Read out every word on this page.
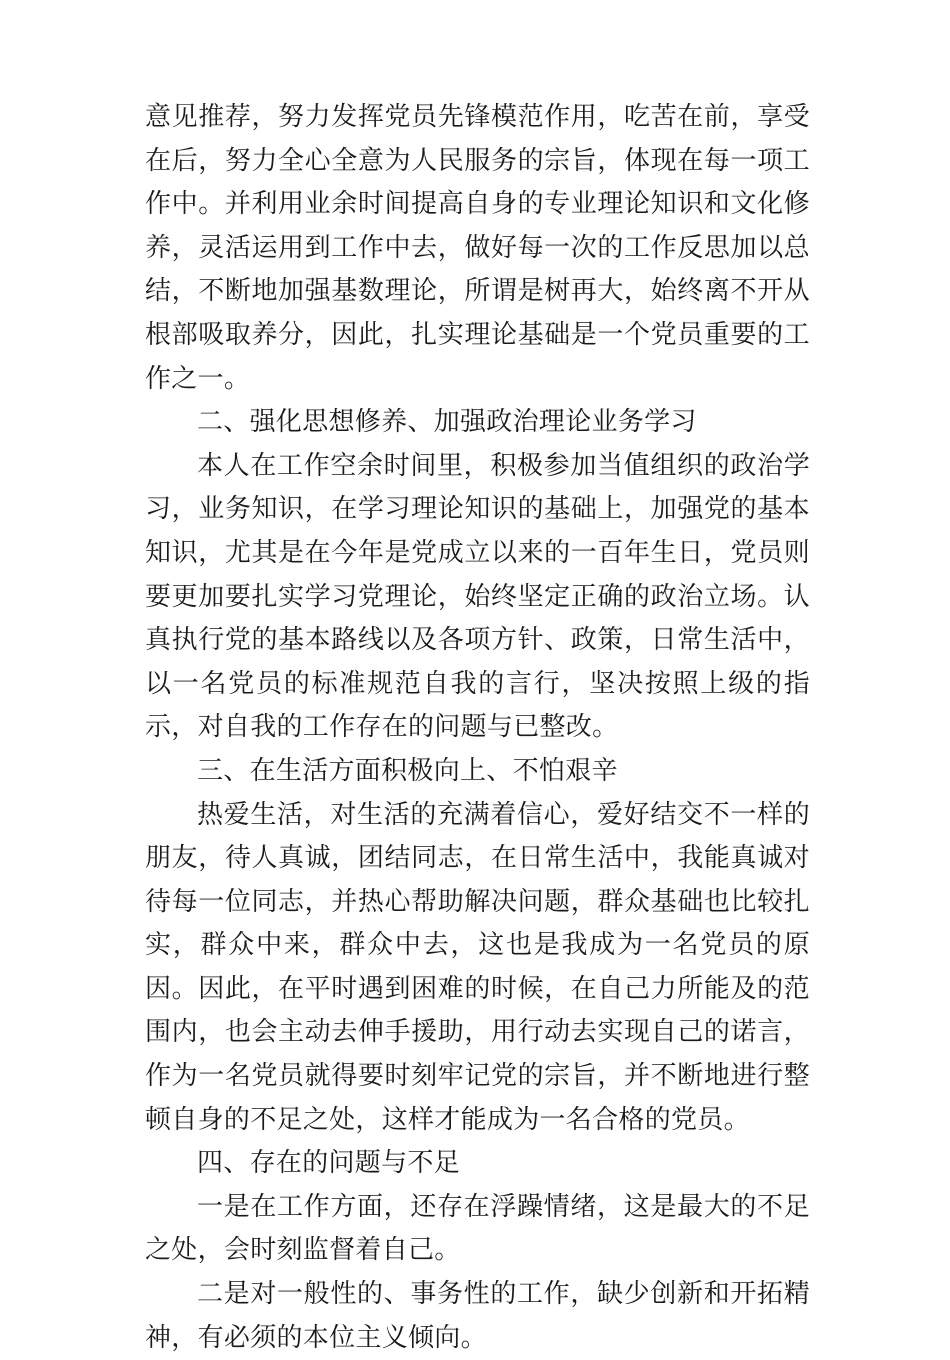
意见推荐，努力发挥党员先锋模范作用，吃苦在前，享受在后，努力全心全意为人民服务的宗旨，体现在每一项工作中。并利用业余时间提高自身的专业理论知识和文化修养，灵活运用到工作中去，做好每一次的工作反思加以总结，不断地加强基数理论，所谓是树再大，始终离不开从根部吸取养分，因此，扎实理论基础是一个党员重要的工作之一。

二、强化思想修养、加强政治理论业务学习

本人在工作空余时间里，积极参加当值组织的政治学习，业务知识，在学习理论知识的基础上，加强党的基本知识，尤其是在今年是党成立以来的一百年生日，党员则要更加要扎实学习党理论，始终坚定正确的政治立场。认真执行党的基本路线以及各项方针、政策，日常生活中，以一名党员的标准规范自我的言行，坚决按照上级的指示，对自我的工作存在的问题与已整改。

三、在生活方面积极向上、不怕艰辛

热爱生活，对生活的充满着信心，爱好结交不一样的朋友，待人真诚，团结同志，在日常生活中，我能真诚对待每一位同志，并热心帮助解决问题，群众基础也比较扎实，群众中来，群众中去，这也是我成为一名党员的原因。因此，在平时遇到困难的时候，在自己力所能及的范围内，也会主动去伸手援助，用行动去实现自己的诺言，作为一名党员就得要时刻牢记党的宗旨，并不断地进行整顿自身的不足之处，这样才能成为一名合格的党员。

四、存在的问题与不足

一是在工作方面，还存在浮躁情绪，这是最大的不足之处，会时刻监督着自己。

二是对一般性的、事务性的工作，缺少创新和开拓精神，有必须的本位主义倾向。
